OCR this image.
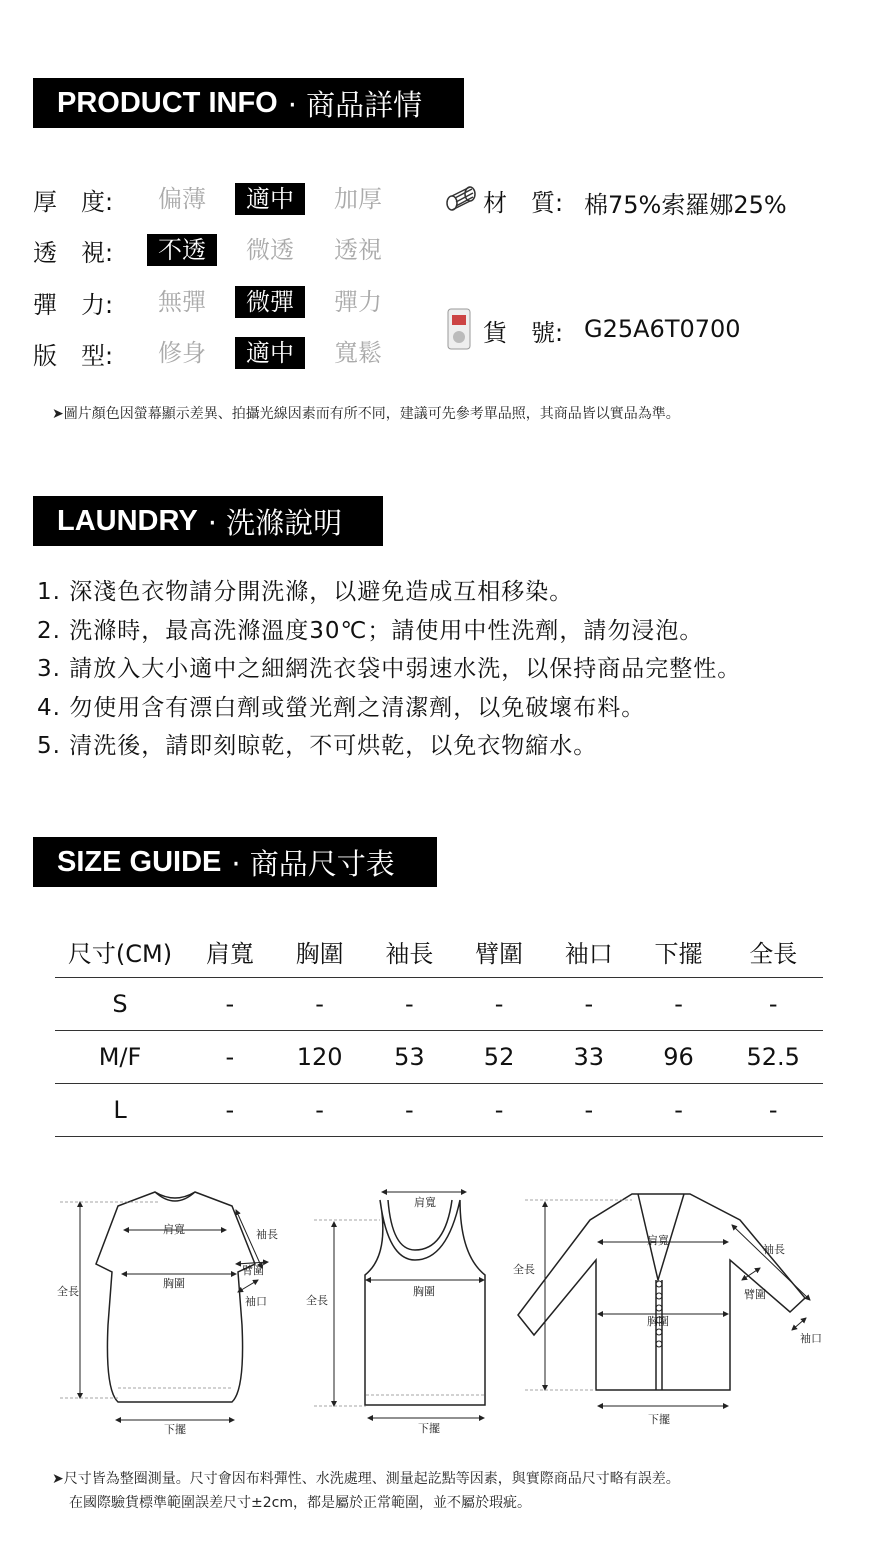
PRODUCT INFO · 商品詳情
厚　度:	偏薄	適中	加厚
透　視:	不透	微透	透視
彈　力:	無彈	微彈	彈力
版　型:	修身	適中	寬鬆
材　質: 棉75%索羅娜25%
貨　號: G25A6T0700
➤圖片顏色因螢幕顯示差異、拍攝光線因素而有所不同，建議可先參考單品照，其商品皆以實品為準。
LAUNDRY · 洗滌說明
1. 深淺色衣物請分開洗滌，以避免造成互相移染。
2. 洗滌時，最高洗滌溫度30℃；請使用中性洗劑，請勿浸泡。
3. 請放入大小適中之細網洗衣袋中弱速水洗，以保持商品完整性。
4. 勿使用含有漂白劑或螢光劑之清潔劑，以免破壞布料。
5. 清洗後，請即刻晾乾，不可烘乾，以免衣物縮水。
SIZE GUIDE · 商品尺寸表
尺寸(CM)	肩寬	胸圍	袖長	臂圍	袖口	下擺	全長
S	-	-	-	-	-	-	-
M/F	-	120	53	52	33	96	52.5
L	-	-	-	-	-	-	-
全長
肩寬
胸圍
袖長
臂圍
袖口
下擺
肩寬
胸圍
全長
下擺
肩寬
袖長
臂圍
胸圍
袖口
全長
下擺
➤尺寸皆為整圈測量。尺寸會因布料彈性、水洗處理、測量起訖點等因素，與實際商品尺寸略有誤差。
在國際驗貨標準範圍誤差尺寸±2cm，都是屬於正常範圍，並不屬於瑕疵。
